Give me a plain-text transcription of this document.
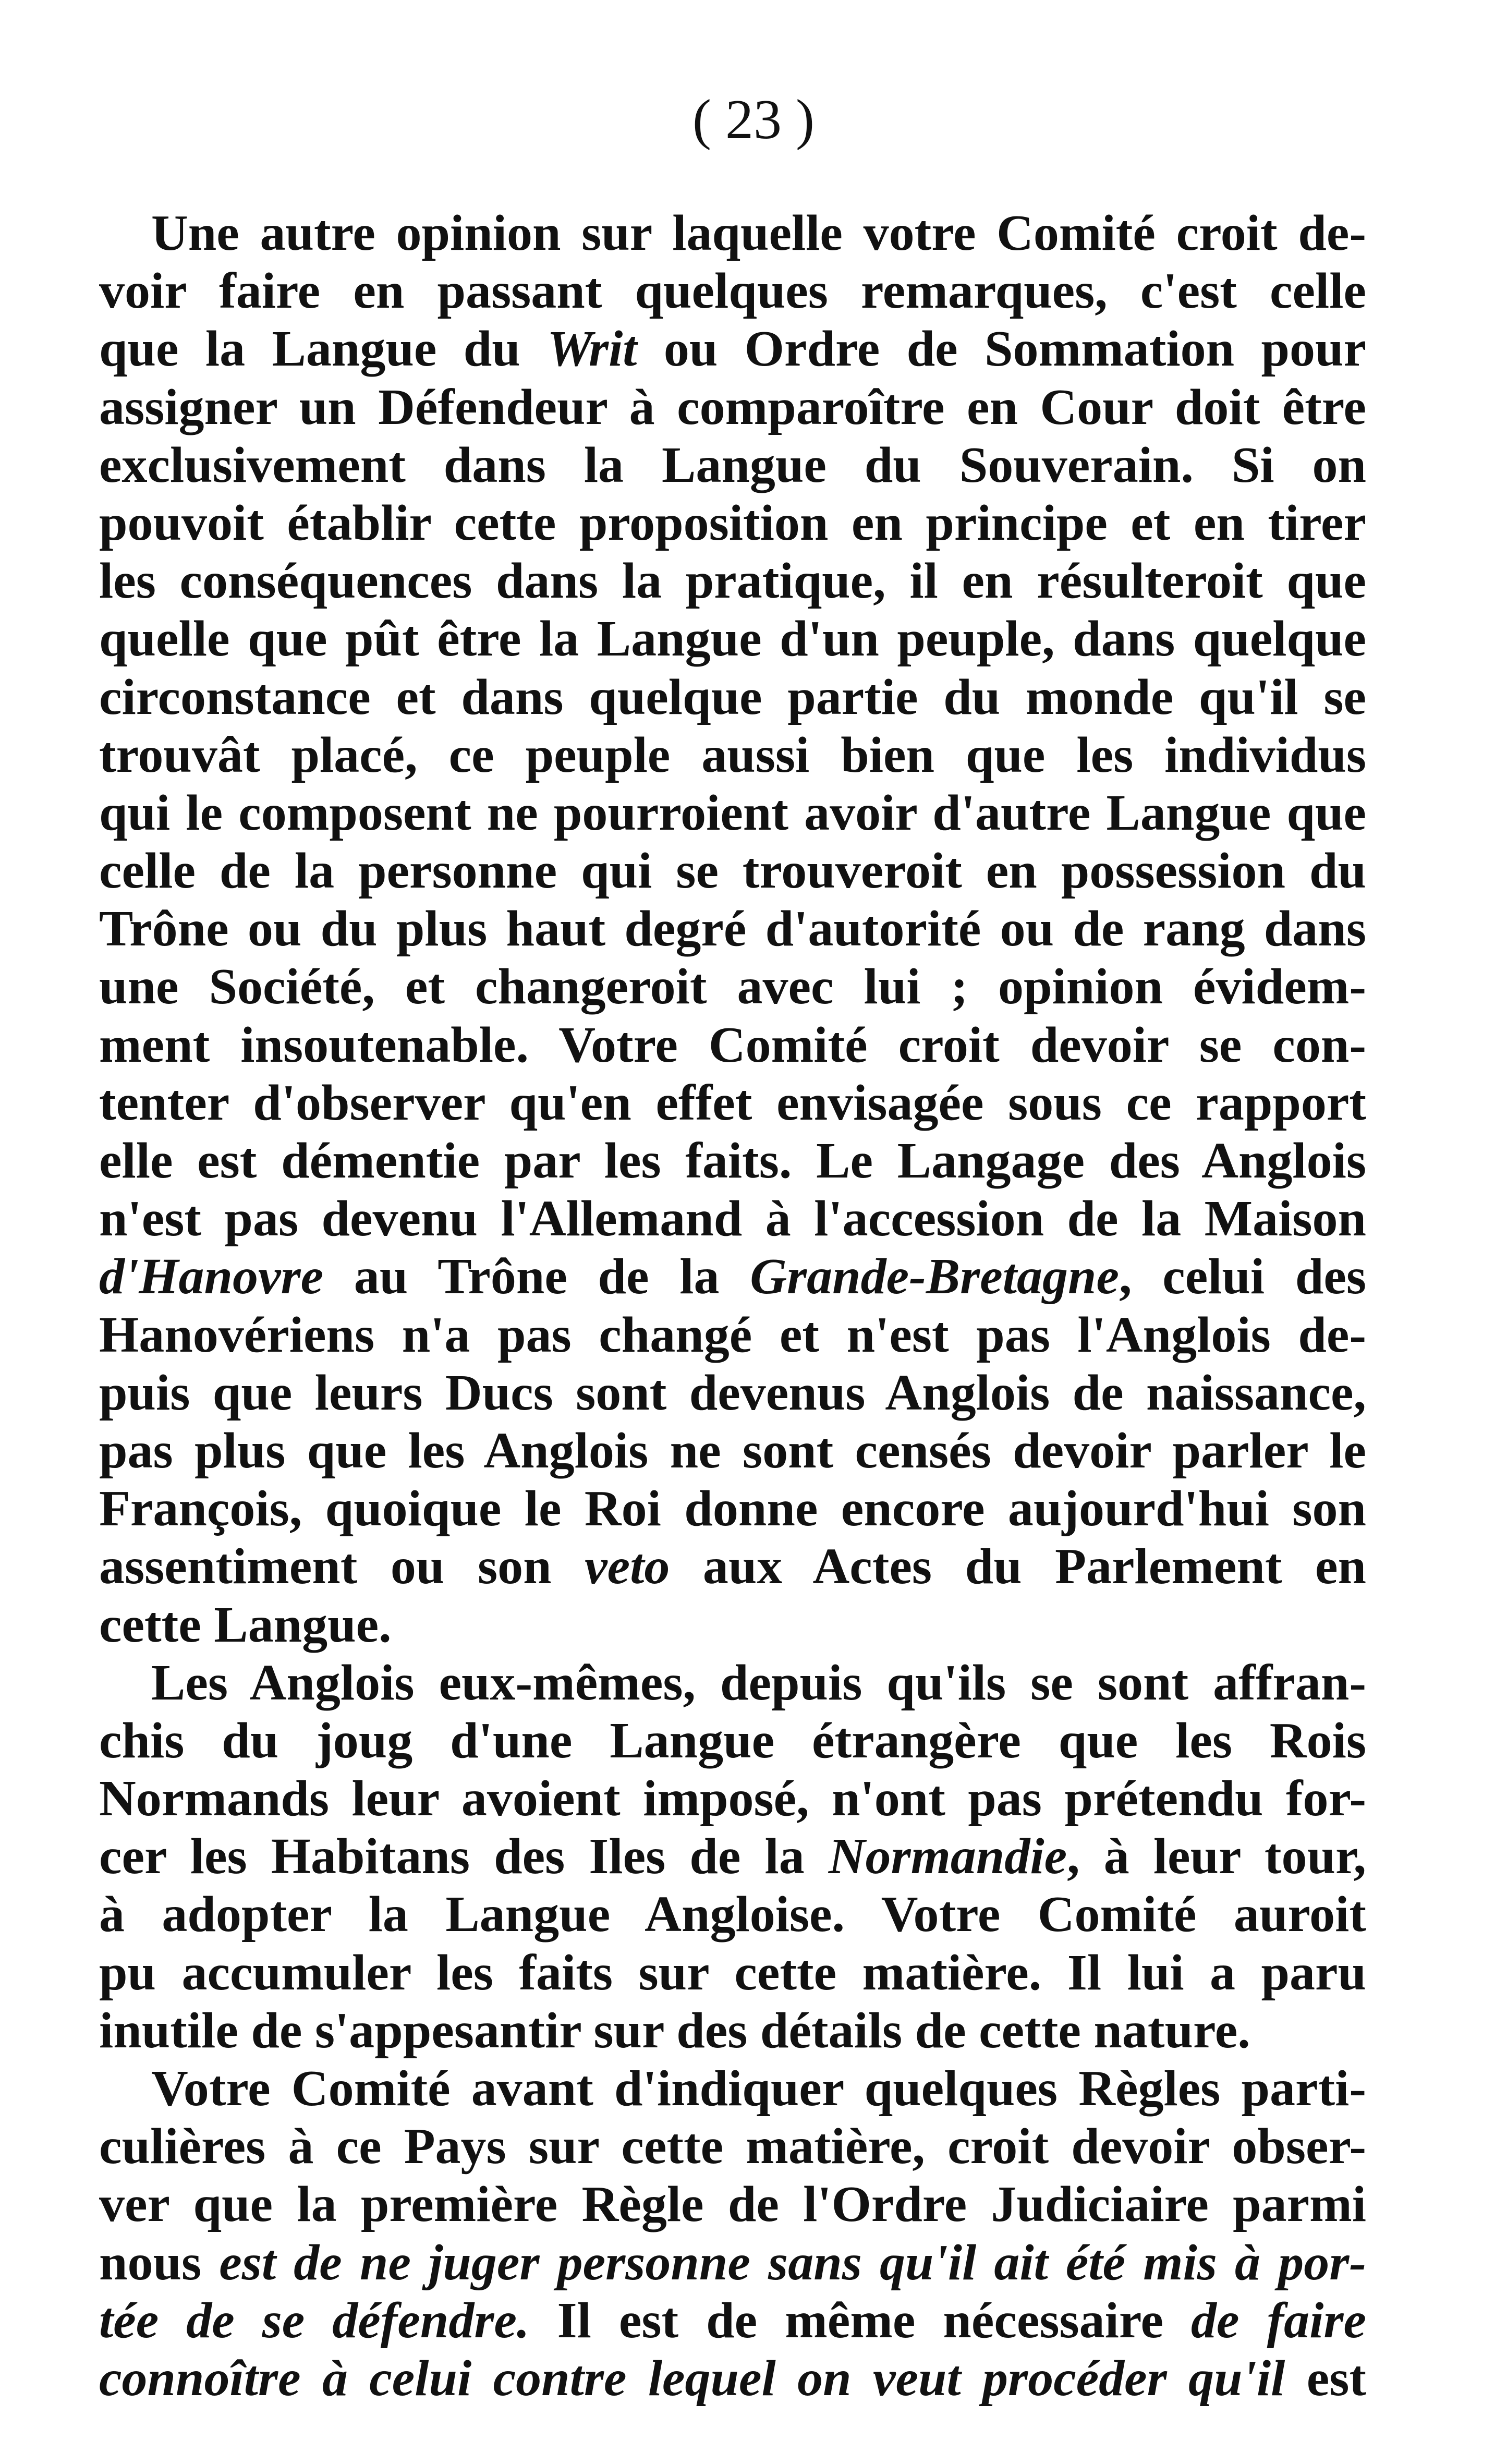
( 23 )
Une autre opinion sur laquelle votre Comité croit de-
voir faire en passant quelques remarques, c'est celle
que la Langue du Writ ou Ordre de Sommation pour
assigner un Défendeur à comparoître en Cour doit être
exclusivement dans la Langue du Souverain. Si on
pouvoit établir cette proposition en principe et en tirer
les conséquences dans la pratique, il en résulteroit que
quelle que pût être la Langue d'un peuple, dans quelque
circonstance et dans quelque partie du monde qu'il se
trouvât placé, ce peuple aussi bien que les individus
qui le composent ne pourroient avoir d'autre Langue que
celle de la personne qui se trouveroit en possession du
Trône ou du plus haut degré d'autorité ou de rang dans
une Société, et changeroit avec lui ; opinion évidem-
ment insoutenable. Votre Comité croit devoir se con-
tenter d'observer qu'en effet envisagée sous ce rapport
elle est démentie par les faits. Le Langage des Anglois
n'est pas devenu l'Allemand à l'accession de la Maison
d'Hanovre au Trône de la Grande-Bretagne, celui des
Hanovériens n'a pas changé et n'est pas l'Anglois de-
puis que leurs Ducs sont devenus Anglois de naissance,
pas plus que les Anglois ne sont censés devoir parler le
François, quoique le Roi donne encore aujourd'hui son
assentiment ou son veto aux Actes du Parlement en
cette Langue.
Les Anglois eux-mêmes, depuis qu'ils se sont affran-
chis du joug d'une Langue étrangère que les Rois
Normands leur avoient imposé, n'ont pas prétendu for-
cer les Habitans des Iles de la Normandie, à leur tour,
à adopter la Langue Angloise. Votre Comité auroit
pu accumuler les faits sur cette matière. Il lui a paru
inutile de s'appesantir sur des détails de cette nature.
Votre Comité avant d'indiquer quelques Règles parti-
culières à ce Pays sur cette matière, croit devoir obser-
ver que la première Règle de l'Ordre Judiciaire parmi
nous est de ne juger personne sans qu'il ait été mis à por-
tée de se défendre. Il est de même nécessaire de faire
connoître à celui contre lequel on veut procéder qu'il est
